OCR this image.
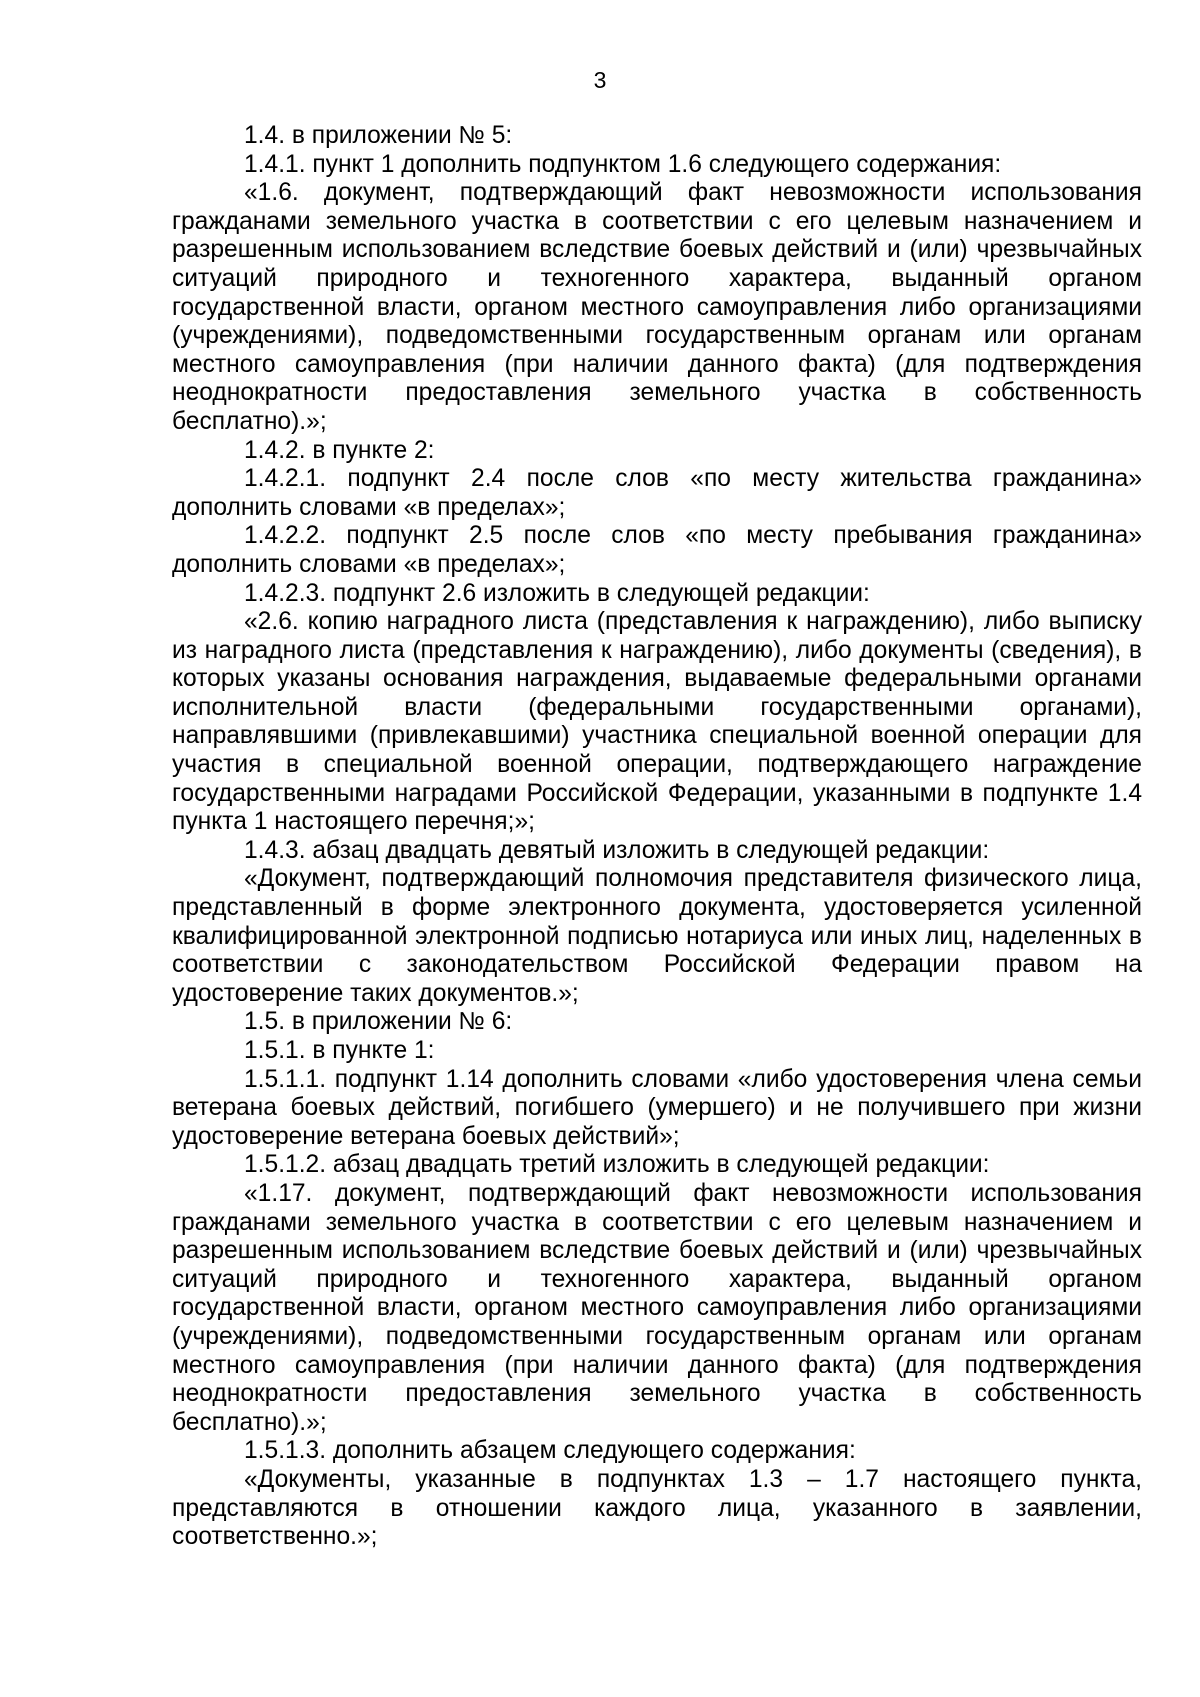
3

1.4. в приложении № 5:

1.4.1. пункт 1 дополнить подпунктом 1.6 следующего содержания:

«1.6. документ, подтверждающий факт невозможности использования гражданами земельного участка в соответствии с его целевым назначением и разрешенным использованием вследствие боевых действий и (или) чрезвычайных ситуаций природного и техногенного характера, выданный органом государственной власти, органом местного самоуправления либо организациями (учреждениями), подведомственными государственным органам или органам местного самоуправления (при наличии данного факта) (для подтверждения неоднократности предоставления земельного участка в собственность бесплатно).»;

1.4.2. в пункте 2:

1.4.2.1. подпункт 2.4 после слов «по месту жительства гражданина» дополнить словами «в пределах»;

1.4.2.2. подпункт 2.5 после слов «по месту пребывания гражданина» дополнить словами «в пределах»;

1.4.2.3. подпункт 2.6 изложить в следующей редакции:

«2.6. копию наградного листа (представления к награждению), либо выписку из наградного листа (представления к награждению), либо документы (сведения), в которых указаны основания награждения, выдаваемые федеральными органами исполнительной власти (федеральными государственными органами), направлявшими (привлекавшими) участника специальной военной операции для участия в специальной военной операции, подтверждающего награждение государственными наградами Российской Федерации, указанными в подпункте 1.4 пункта 1 настоящего перечня;»;

1.4.3. абзац двадцать девятый изложить в следующей редакции:

«Документ, подтверждающий полномочия представителя физического лица, представленный в форме электронного документа, удостоверяется усиленной квалифицированной электронной подписью нотариуса или иных лиц, наделенных в соответствии с законодательством Российской Федерации правом на удостоверение таких документов.»;

1.5. в приложении № 6:

1.5.1. в пункте 1:

1.5.1.1. подпункт 1.14 дополнить словами «либо удостоверения члена семьи ветерана боевых действий, погибшего (умершего) и не получившего при жизни удостоверение ветерана боевых действий»;

1.5.1.2. абзац двадцать третий изложить в следующей редакции:

«1.17. документ, подтверждающий факт невозможности использования гражданами земельного участка в соответствии с его целевым назначением и разрешенным использованием вследствие боевых действий и (или) чрезвычайных ситуаций природного и техногенного характера, выданный органом государственной власти, органом местного самоуправления либо организациями (учреждениями), подведомственными государственным органам или органам местного самоуправления (при наличии данного факта) (для подтверждения неоднократности предоставления земельного участка в собственность бесплатно).»;

1.5.1.3. дополнить абзацем следующего содержания:

«Документы, указанные в подпунктах 1.3 – 1.7 настоящего пункта, представляются в отношении каждого лица, указанного в заявлении, соответственно.»;
